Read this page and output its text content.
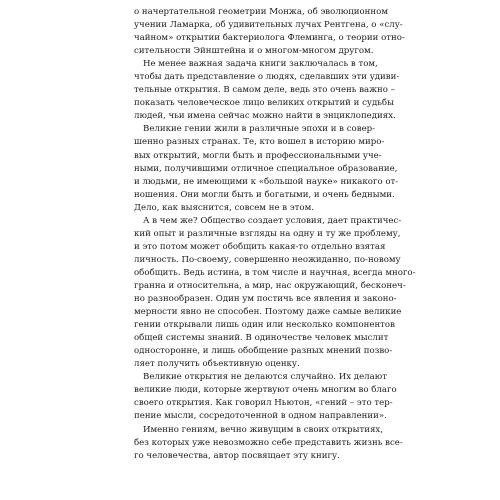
о начертательной геометрии Монжа, об эволюционном
учении Ламарка, об удивительных лучах Рентгена, о «слу-
чайном» открытии бактериолога Флеминга, о теории отно-
сительности Эйнштейна и о многом-многом другом.

Не менее важная задача книги заключалась в том,
чтобы дать представление о людях, сделавших эти удиви-
тельные открытия. В самом деле, ведь это очень важно –
показать человеческое лицо великих открытий и судьбы
людей, чьи имена сейчас можно найти в энциклопедиях.

Великие гении жили в различные эпохи и в совер-
шенно разных странах. Те, кто вошел в историю миро-
вых открытий, могли быть и профессиональными уче-
ными, получившими отличное специальное образование,
и людьми, не имеющими к «большой науке» никакого от-
ношения. Они могли быть и богатыми, и очень бедными.
Дело, как выяснится, совсем не в этом.

А в чем же? Общество создает условия, дает практичес-
кий опыт и различные взгляды на одну и ту же проблему,
и это потом может обобщить какая-то отдельно взятая
личность. По-своему, совершенно неожиданно, по-новому
обобщить. Ведь истина, в том числе и научная, всегда много-
гранна и относительна, а мир, нас окружающий, бесконеч-
но разнообразен. Один ум постичь все явления и законо-
мерности явно не способен. Поэтому даже самые великие
гении открывали лишь один или несколько компонентов
общей системы знаний. В одиночестве человек мыслит
односторонне, и лишь обобщение разных мнений позво-
ляет получить объективную оценку.

Великие открытия не делаются случайно. Их делают
великие люди, которые жертвуют очень многим во благо
своего открытия. Как говорил Ньютон, «гений – это тер-
пение мысли, сосредоточенной в одном направлении».

Именно гениям, вечно живущим в своих открытиях,
без которых уже невозможно себе представить жизнь все-
го человечества, автор посвящает эту книгу.
